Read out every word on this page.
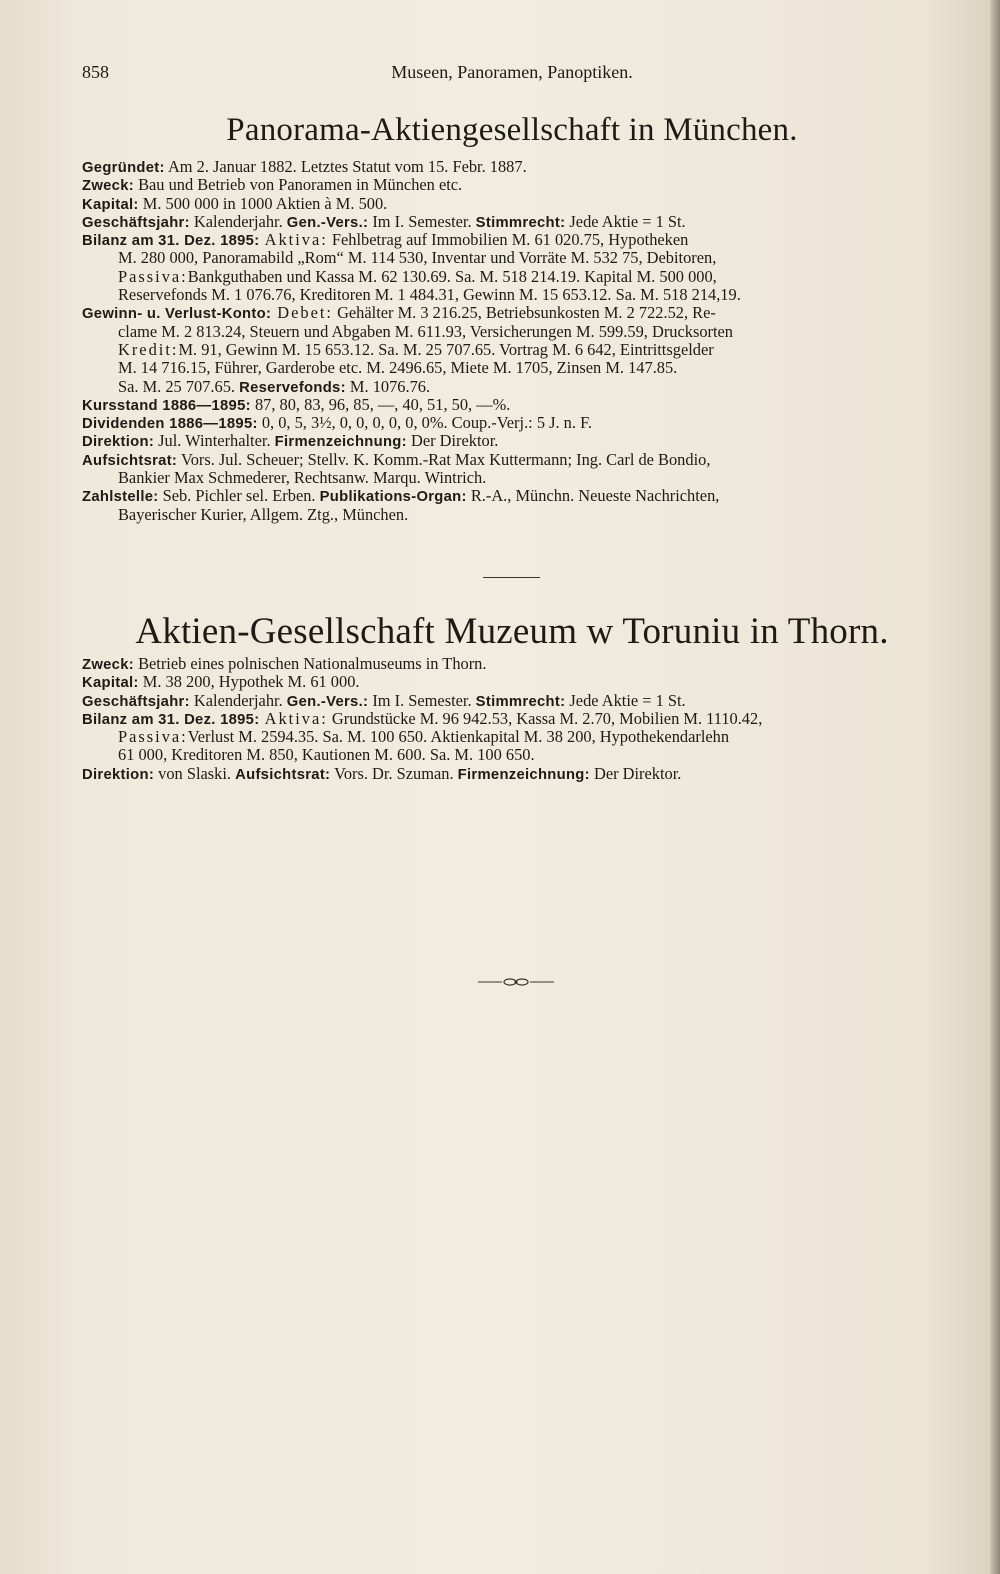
858	Museen, Panoramen, Panoptiken.
Panorama-Aktiengesellschaft in München.
Gegründet: Am 2. Januar 1882. Letztes Statut vom 15. Febr. 1887.
Zweck: Bau und Betrieb von Panoramen in München etc.
Kapital: M. 500 000 in 1000 Aktien à M. 500.
Geschäftsjahr: Kalenderjahr. Gen.-Vers.: Im I. Semester. Stimmrecht: Jede Aktie = 1 St.
Bilanz am 31. Dez. 1895: Aktiva: Fehlbetrag auf Immobilien M. 61 020.75, Hypotheken
M. 280 000, Panoramabild „Rom“ M. 114 530, Inventar und Vorräte M. 532 75, Debitoren,
Passiva:Bankguthaben und Kassa M. 62 130.69. Sa. M. 518 214.19. Kapital M. 500 000,
Reservefonds M. 1 076.76, Kreditoren M. 1 484.31, Gewinn M. 15 653.12. Sa. M. 518 214,19.
Gewinn- u. Verlust-Konto: Debet: Gehälter M. 3 216.25, Betriebsunkosten M. 2 722.52, Re-
clame M. 2 813.24, Steuern und Abgaben M. 611.93, Versicherungen M. 599.59, Drucksorten
Kredit:M. 91, Gewinn M. 15 653.12. Sa. M. 25 707.65. Vortrag M. 6 642, Eintrittsgelder
M. 14 716.15, Führer, Garderobe etc. M. 2496.65, Miete M. 1705, Zinsen M. 147.85.
Sa. M. 25 707.65. Reservefonds: M. 1076.76.
Kursstand 1886—1895: 87, 80, 83, 96, 85, —, 40, 51, 50, —%.
Dividenden 1886—1895: 0, 0, 5, 3½, 0, 0, 0, 0, 0, 0%. Coup.-Verj.: 5 J. n. F.
Direktion: Jul. Winterhalter. Firmenzeichnung: Der Direktor.
Aufsichtsrat: Vors. Jul. Scheuer; Stellv. K. Komm.-Rat Max Kuttermann; Ing. Carl de Bondio,
Bankier Max Schmederer, Rechtsanw. Marqu. Wintrich.
Zahlstelle: Seb. Pichler sel. Erben. Publikations-Organ: R.-A., Münchn. Neueste Nachrichten,
Bayerischer Kurier, Allgem. Ztg., München.
Aktien-Gesellschaft Muzeum w Toruniu in Thorn.
Zweck: Betrieb eines polnischen Nationalmuseums in Thorn.
Kapital: M. 38 200, Hypothek M. 61 000.
Geschäftsjahr: Kalenderjahr. Gen.-Vers.: Im I. Semester. Stimmrecht: Jede Aktie = 1 St.
Bilanz am 31. Dez. 1895: Aktiva: Grundstücke M. 96 942.53, Kassa M. 2.70, Mobilien M. 1110.42,
Passiva:Verlust M. 2594.35. Sa. M. 100 650. Aktienkapital M. 38 200, Hypothekendarlehn
61 000, Kreditoren M. 850, Kautionen M. 600. Sa. M. 100 650.
Direktion: von Slaski. Aufsichtsrat: Vors. Dr. Szuman. Firmenzeichnung: Der Direktor.
